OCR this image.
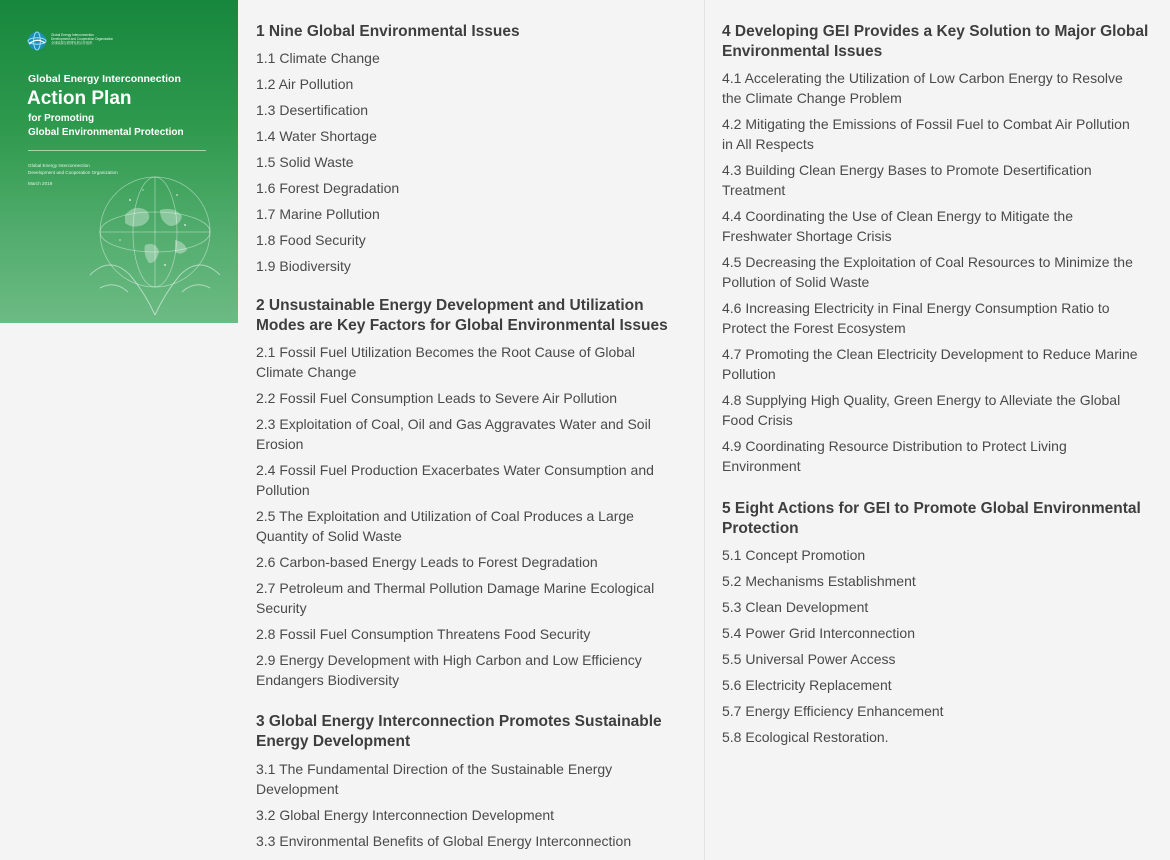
Global Energy Interconnection
Development and Cooperation Organization
全球能源互联网发展合作组织
Global Energy Interconnection
Action Plan
for Promoting
Global Environmental Protection
Global Energy Interconnection
Development and Cooperation Organization
March 2019
1 Nine Global Environmental Issues
1.1 Climate Change
1.2 Air Pollution
1.3 Desertification
1.4 Water Shortage
1.5 Solid Waste
1.6 Forest Degradation
1.7 Marine Pollution
1.8 Food Security
1.9 Biodiversity
2 Unsustainable Energy Development and Utilization
Modes are Key Factors for Global Environmental Issues
2.1 Fossil Fuel Utilization Becomes the Root Cause of Global
Climate Change
2.2 Fossil Fuel Consumption Leads to Severe Air Pollution
2.3 Exploitation of Coal, Oil and Gas Aggravates Water and Soil
Erosion
2.4 Fossil Fuel Production Exacerbates Water Consumption and
Pollution
2.5 The Exploitation and Utilization of Coal Produces a Large
Quantity of Solid Waste
2.6 Carbon-based Energy Leads to Forest Degradation
2.7 Petroleum and Thermal Pollution Damage Marine Ecological
Security
2.8 Fossil Fuel Consumption Threatens Food Security
2.9 Energy Development with High Carbon and Low Efficiency
Endangers Biodiversity
3 Global Energy Interconnection Promotes Sustainable
Energy Development
3.1 The Fundamental Direction of the Sustainable Energy
Development
3.2 Global Energy Interconnection Development
3.3 Environmental Benefits of Global Energy Interconnection
4 Developing GEI Provides a Key Solution to Major Global
Environmental Issues
4.1 Accelerating the Utilization of Low Carbon Energy to Resolve
the Climate Change Problem
4.2 Mitigating the Emissions of Fossil Fuel to Combat Air Pollution
in All Respects
4.3 Building Clean Energy Bases to Promote Desertification
Treatment
4.4 Coordinating the Use of Clean Energy to Mitigate the
Freshwater Shortage Crisis
4.5 Decreasing the Exploitation of Coal Resources to Minimize the
Pollution of Solid Waste
4.6 Increasing Electricity in Final Energy Consumption Ratio to
Protect the Forest Ecosystem
4.7 Promoting the Clean Electricity Development to Reduce Marine
Pollution
4.8 Supplying High Quality, Green Energy to Alleviate the Global
Food Crisis
4.9 Coordinating Resource Distribution to Protect Living
Environment
5 Eight Actions for GEI to Promote Global Environmental
Protection
5.1 Concept Promotion
5.2 Mechanisms Establishment
5.3 Clean Development
5.4 Power Grid Interconnection
5.5 Universal Power Access
5.6 Electricity Replacement
5.7 Energy Efficiency Enhancement
5.8 Ecological Restoration.
